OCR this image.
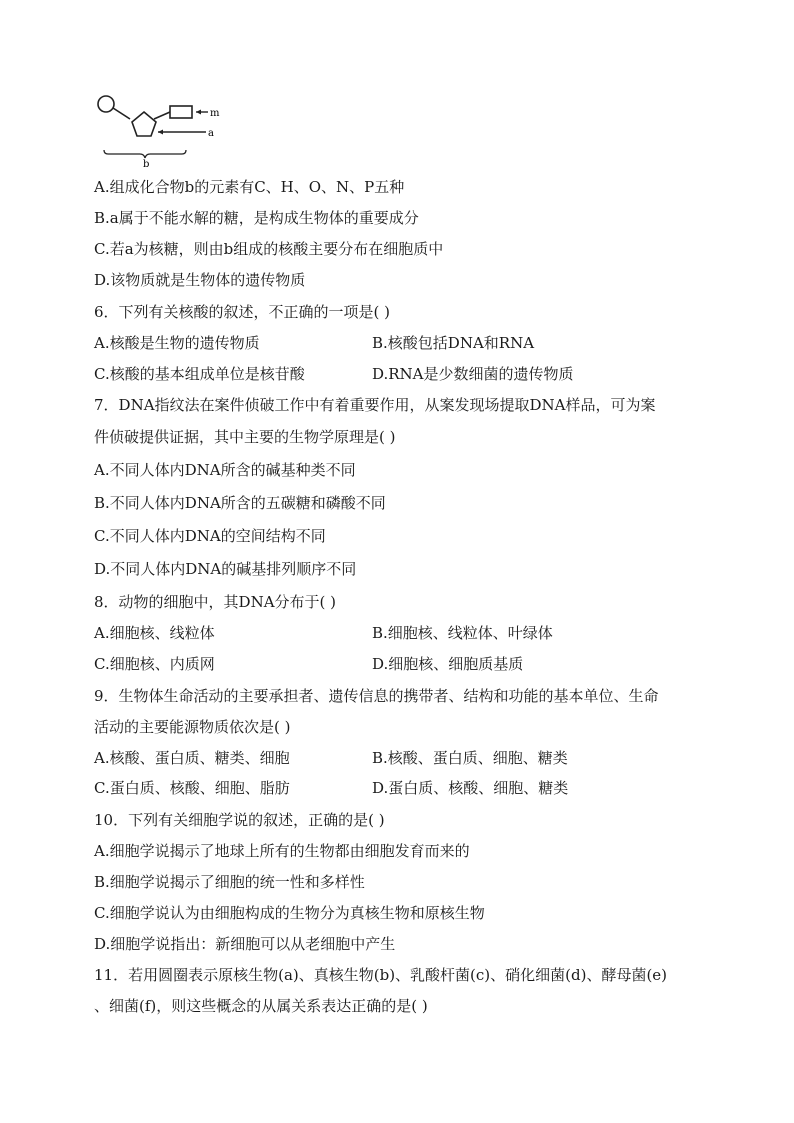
m
a
b
A.组成化合物b的元素有C、H、O、N、P五种
B.a属于不能水解的糖，是构成生物体的重要成分
C.若a为核糖，则由b组成的核酸主要分布在细胞质中
D.该物质就是生物体的遗传物质
6．下列有关核酸的叙述，不正确的一项是( )
A.核酸是生物的遗传物质	B.核酸包括DNA和RNA
C.核酸的基本组成单位是核苷酸	D.RNA是少数细菌的遗传物质
7．DNA指纹法在案件侦破工作中有着重要作用，从案发现场提取DNA样品，可为案
件侦破提供证据，其中主要的生物学原理是( )
A.不同人体内DNA所含的碱基种类不同
B.不同人体内DNA所含的五碳糖和磷酸不同
C.不同人体内DNA的空间结构不同
D.不同人体内DNA的碱基排列顺序不同
8．动物的细胞中，其DNA分布于( )
A.细胞核、线粒体	B.细胞核、线粒体、叶绿体
C.细胞核、内质网	D.细胞核、细胞质基质
9．生物体生命活动的主要承担者、遗传信息的携带者、结构和功能的基本单位、生命
活动的主要能源物质依次是( )
A.核酸、蛋白质、糖类、细胞	B.核酸、蛋白质、细胞、糖类
C.蛋白质、核酸、细胞、脂肪	D.蛋白质、核酸、细胞、糖类
10．下列有关细胞学说的叙述，正确的是( )
A.细胞学说揭示了地球上所有的生物都由细胞发育而来的
B.细胞学说揭示了细胞的统一性和多样性
C.细胞学说认为由细胞构成的生物分为真核生物和原核生物
D.细胞学说指出：新细胞可以从老细胞中产生
11．若用圆圈表示原核生物(a)、真核生物(b)、乳酸杆菌(c)、硝化细菌(d)、酵母菌(e)
、细菌(f)，则这些概念的从属关系表达正确的是( )
